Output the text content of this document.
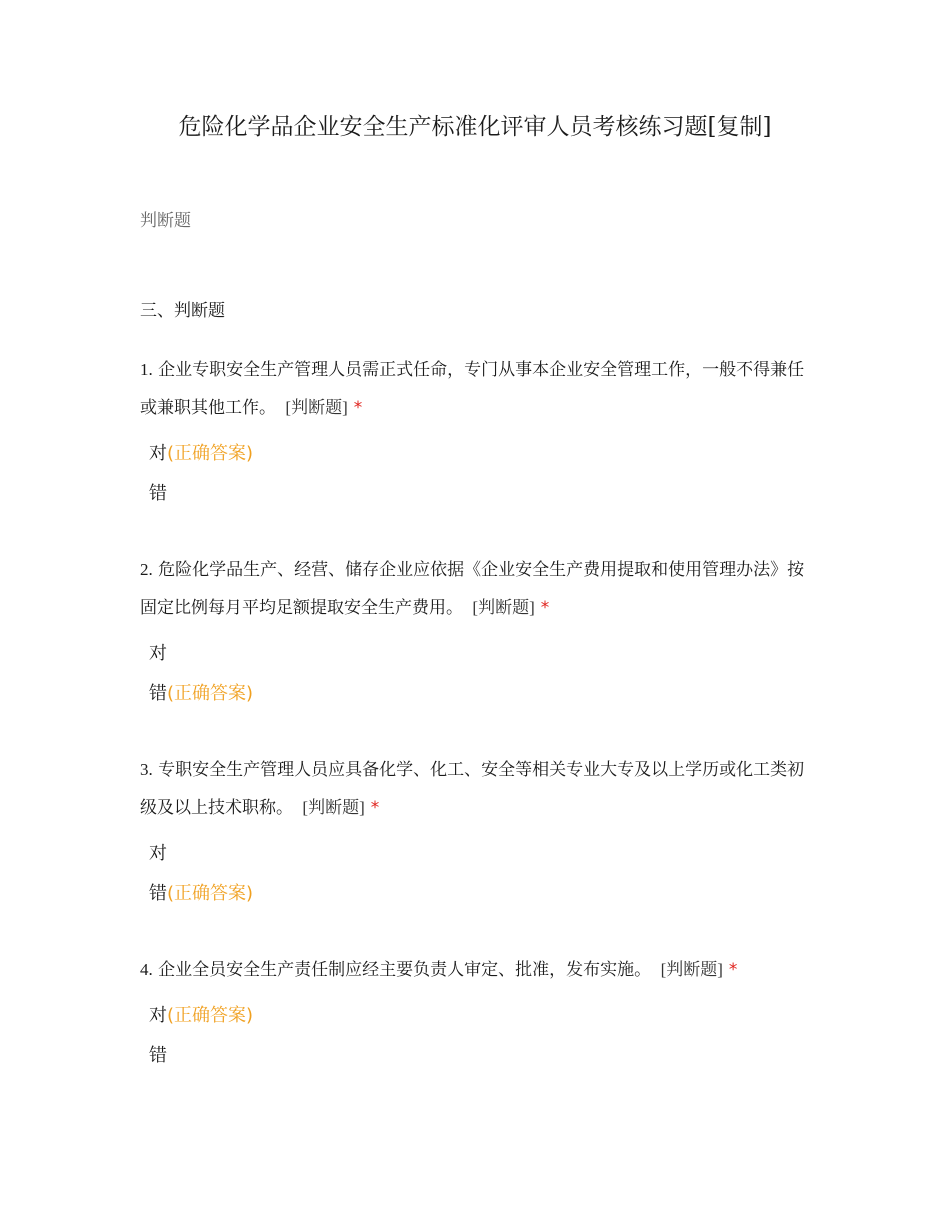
危险化学品企业安全生产标准化评审人员考核练习题[复制]
判断题
三、判断题

1. 企业专职安全生产管理人员需正式任命，专门从事本企业安全管理工作，一般不得兼任或兼职其他工作。 [判断题] *

对(正确答案)
错

2. 危险化学品生产、经营、储存企业应依据《企业安全生产费用提取和使用管理办法》按固定比例每月平均足额提取安全生产费用。 [判断题] *

对
错(正确答案)

3. 专职安全生产管理人员应具备化学、化工、安全等相关专业大专及以上学历或化工类初级及以上技术职称。 [判断题] *

对
错(正确答案)

4. 企业全员安全生产责任制应经主要负责人审定、批准，发布实施。 [判断题] *

对(正确答案)
错
